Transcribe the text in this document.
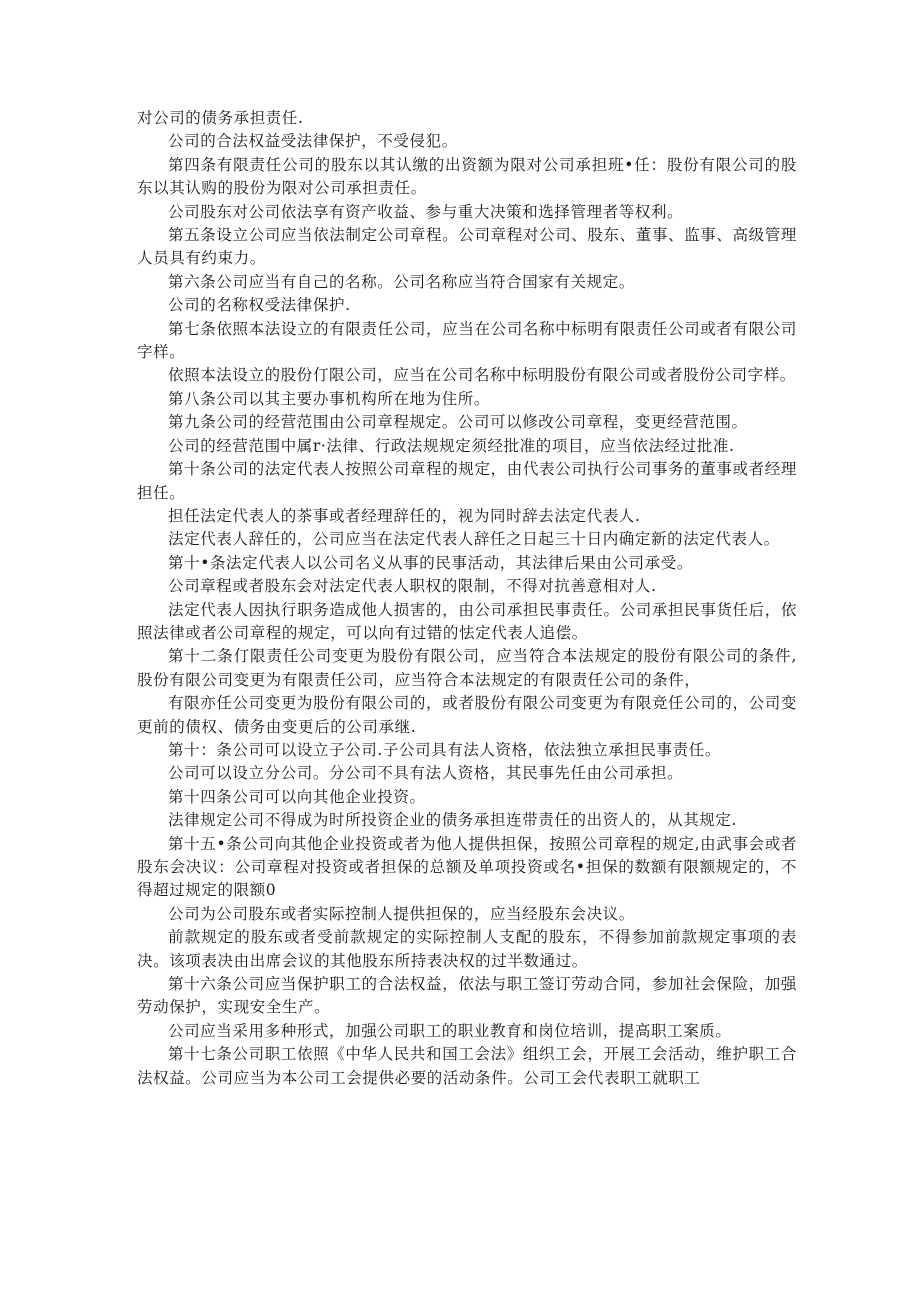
对公司的债务承担责任.

公司的合法权益受法律保护，不受侵犯。

第四条有限责任公司的股东以其认缴的出资额为限对公司承担班•任：股份有限公司的股东以其认购的股份为限对公司承担责任。

公司股东对公司依法享有资产收益、参与重大决策和选择管理者等权利。

第五条设立公司应当依法制定公司章程。公司章程对公司、股东、董事、监事、高级管理人员具有约束力。

第六条公司应当有自己的名称。公司名称应当符合国家有关规定。

公司的名称权受法律保护.

第七条依照本法设立的有限责任公司，应当在公司名称中标明有限责任公司或者有限公司字样。

依照本法设立的股份仃限公司，应当在公司名称中标明股份有限公司或者股份公司字样。

第八条公司以其主要办事机构所在地为住所。

第九条公司的经营范围由公司章程规定。公司可以修改公司章程，变更经营范围。

公司的经营范围中属r·法律、行政法规规定须经批准的项目，应当依法经过批准.

第十条公司的法定代表人按照公司章程的规定，由代表公司执行公司事务的董事或者经理担任。

担任法定代表人的茶事或者经理辞任的，视为同时辞去法定代表人.

法定代表人辞任的，公司应当在法定代表人辞任之日起三十日内确定新的法定代表人。

第十•条法定代表人以公司名义从事的民事活动，其法律后果由公司承受。

公司章程或者股东会对法定代表人职权的限制，不得对抗善意相对人.

法定代表人因执行职务造成他人损害的，由公司承担民事责任。公司承担民事货任后，依照法律或者公司章程的规定，可以向有过错的怯定代表人追偿。

第十二条仃限责任公司变更为股份有限公司，应当符合本法规定的股份有限公司的条件,股份有限公司变更为有限责任公司，应当符合本法规定的有限责任公司的条件，

有限亦任公司变更为股份有限公司的，或者股份有限公司变更为有限竞任公司的，公司变更前的债权、债务由变更后的公司承继.

第十：条公司可以设立子公司.子公司具有法人资格，依法独立承担民事责任。

公司可以设立分公司。分公司不具有法人资格，其民事先任由公司承担。

第十四条公司可以向其他企业投资。

法律规定公司不得成为时所投资企业的债务承担连带责任的出资人的，从其规定.

第十五•条公司向其他企业投资或者为他人提供担保，按照公司章程的规定,由武事会或者股东会决议：公司章程对投资或者担保的总额及单项投资或名•担保的数额有限额规定的，不得超过规定的限额0

公司为公司股东或者实际控制人提供担保的，应当经股东会决议。

前款规定的股东或者受前款规定的实际控制人支配的股东，不得参加前款规定事项的表决。该项表决由出席会议的其他股东所持表决权的过半数通过。

第十六条公司应当保护职工的合法权益，依法与职工签订劳动合同，参加社会保险，加强劳动保护，实现安全生产。

公司应当采用多种形式，加强公司职工的职业教育和岗位培训，提高职工案质。

第十七条公司职工依照《中华人民共和国工会法》组织工会，开展工会活动，维护职工合法权益。公司应当为本公司工会提供必要的活动条件。公司工会代表职工就职工
